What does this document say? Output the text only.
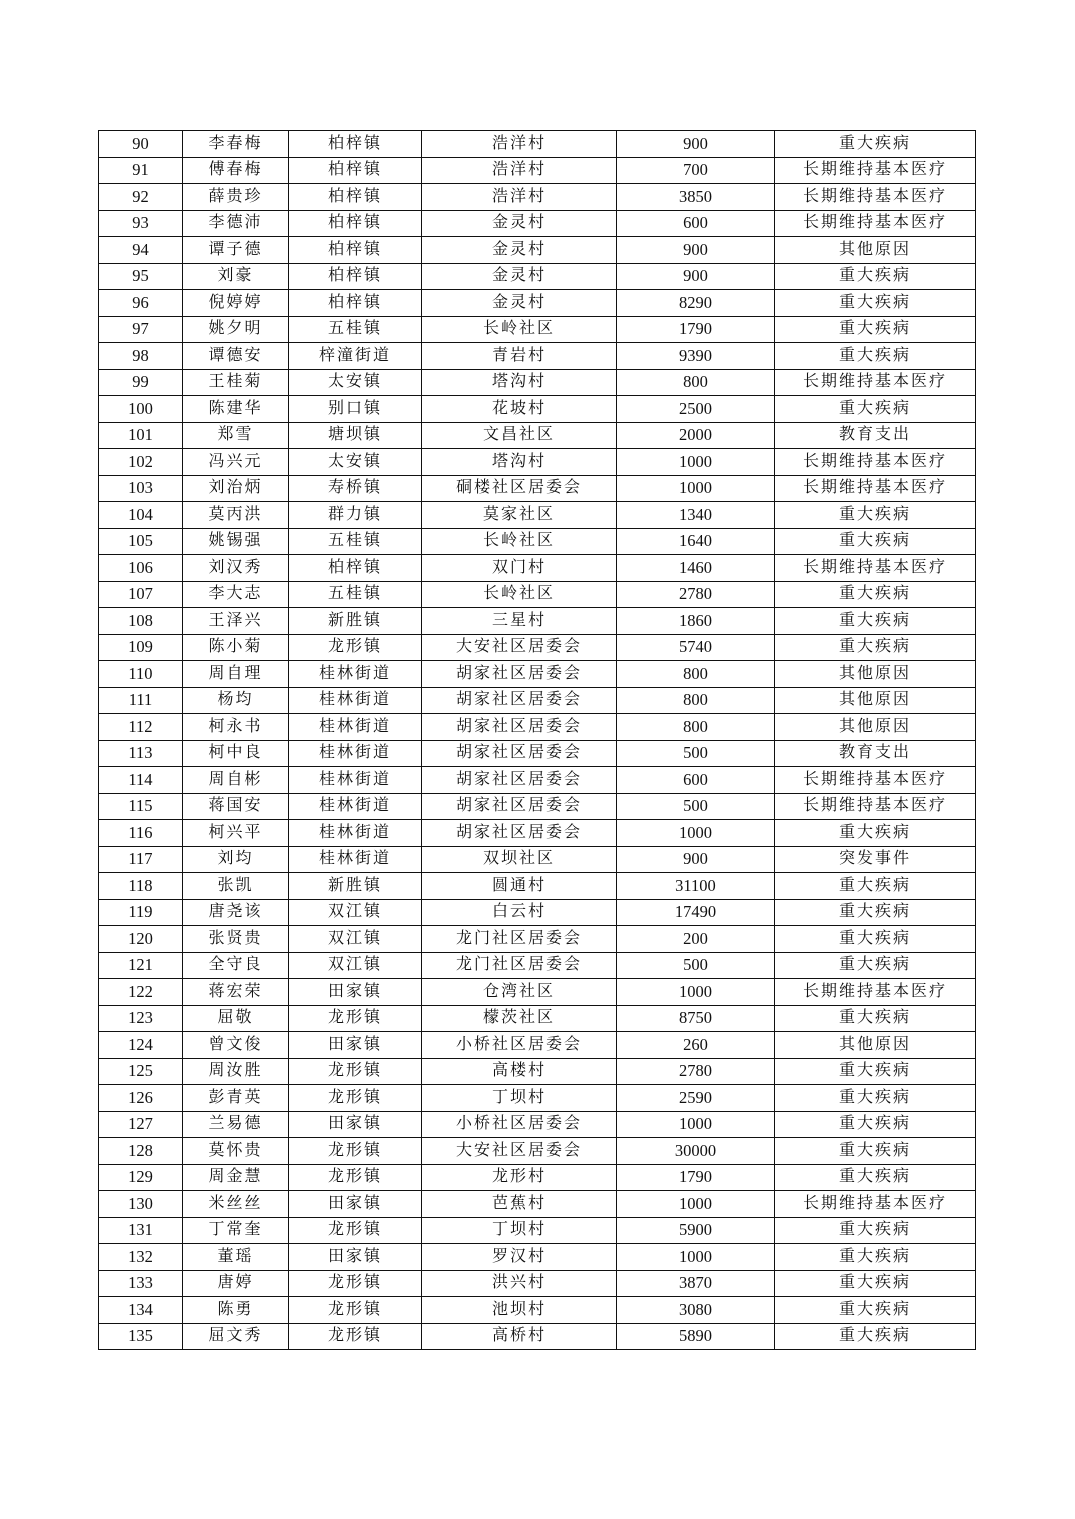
90	李春梅	柏梓镇	浩洋村	900	重大疾病
91	傅春梅	柏梓镇	浩洋村	700	长期维持基本医疗
92	薛贵珍	柏梓镇	浩洋村	3850	长期维持基本医疗
93	李德沛	柏梓镇	金灵村	600	长期维持基本医疗
94	谭子德	柏梓镇	金灵村	900	其他原因
95	刘豪	柏梓镇	金灵村	900	重大疾病
96	倪婷婷	柏梓镇	金灵村	8290	重大疾病
97	姚夕明	五桂镇	长岭社区	1790	重大疾病
98	谭德安	梓潼街道	青岩村	9390	重大疾病
99	王桂菊	太安镇	塔沟村	800	长期维持基本医疗
100	陈建华	别口镇	花坡村	2500	重大疾病
101	郑雪	塘坝镇	文昌社区	2000	教育支出
102	冯兴元	太安镇	塔沟村	1000	长期维持基本医疗
103	刘治炳	寿桥镇	硐楼社区居委会	1000	长期维持基本医疗
104	莫丙洪	群力镇	莫家社区	1340	重大疾病
105	姚锡强	五桂镇	长岭社区	1640	重大疾病
106	刘汉秀	柏梓镇	双门村	1460	长期维持基本医疗
107	李大志	五桂镇	长岭社区	2780	重大疾病
108	王泽兴	新胜镇	三星村	1860	重大疾病
109	陈小菊	龙形镇	大安社区居委会	5740	重大疾病
110	周自理	桂林街道	胡家社区居委会	800	其他原因
111	杨均	桂林街道	胡家社区居委会	800	其他原因
112	柯永书	桂林街道	胡家社区居委会	800	其他原因
113	柯中良	桂林街道	胡家社区居委会	500	教育支出
114	周自彬	桂林街道	胡家社区居委会	600	长期维持基本医疗
115	蒋国安	桂林街道	胡家社区居委会	500	长期维持基本医疗
116	柯兴平	桂林街道	胡家社区居委会	1000	重大疾病
117	刘均	桂林街道	双坝社区	900	突发事件
118	张凯	新胜镇	圆通村	31100	重大疾病
119	唐尧该	双江镇	白云村	17490	重大疾病
120	张贤贵	双江镇	龙门社区居委会	200	重大疾病
121	全守良	双江镇	龙门社区居委会	500	重大疾病
122	蒋宏荣	田家镇	仓湾社区	1000	长期维持基本医疗
123	屈敬	龙形镇	檬茨社区	8750	重大疾病
124	曾文俊	田家镇	小桥社区居委会	260	其他原因
125	周汝胜	龙形镇	高楼村	2780	重大疾病
126	彭青英	龙形镇	丁坝村	2590	重大疾病
127	兰易德	田家镇	小桥社区居委会	1000	重大疾病
128	莫怀贵	龙形镇	大安社区居委会	30000	重大疾病
129	周金慧	龙形镇	龙形村	1790	重大疾病
130	米丝丝	田家镇	芭蕉村	1000	长期维持基本医疗
131	丁常奎	龙形镇	丁坝村	5900	重大疾病
132	董瑶	田家镇	罗汉村	1000	重大疾病
133	唐婷	龙形镇	洪兴村	3870	重大疾病
134	陈勇	龙形镇	池坝村	3080	重大疾病
135	屈文秀	龙形镇	高桥村	5890	重大疾病
